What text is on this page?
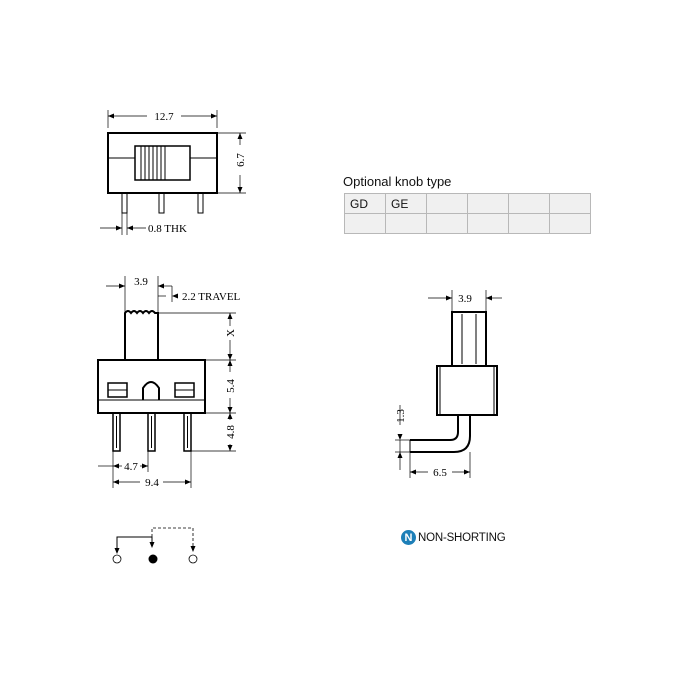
12.7
6.7
0.8 THK
3.9
2.2 TRAVEL
X
5.4
4.8
4.7
9.4
3.9
1.3
6.5
Optional knob type
GD	GE				

N NON-SHORTING
